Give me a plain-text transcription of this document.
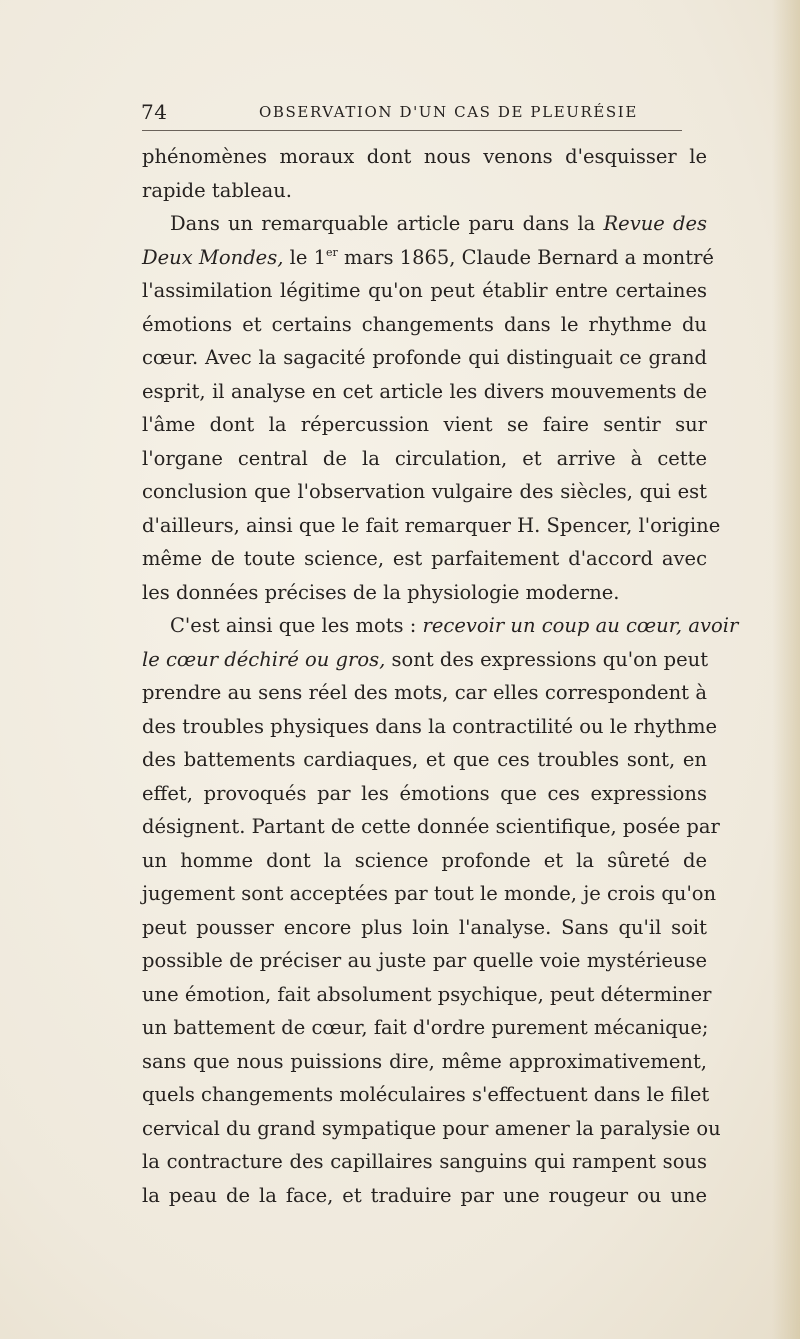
74	OBSERVATION D'UN CAS DE PLEURÉSIE
phénomènes moraux dont nous venons d'esquisser le
rapide tableau.
Dans un remarquable article paru dans la Revue des
Deux Mondes, le 1er mars 1865, Claude Bernard a montré
l'assimilation légitime qu'on peut établir entre certaines
émotions et certains changements dans le rhythme du
cœur. Avec la sagacité profonde qui distinguait ce grand
esprit, il analyse en cet article les divers mouvements de
l'âme dont la répercussion vient se faire sentir sur
l'organe central de la circulation, et arrive à cette
conclusion que l'observation vulgaire des siècles, qui est
d'ailleurs, ainsi que le fait remarquer H. Spencer, l'origine
même de toute science, est parfaitement d'accord avec
les données précises de la physiologie moderne.
C'est ainsi que les mots : recevoir un coup au cœur, avoir
le cœur déchiré ou gros, sont des expressions qu'on peut
prendre au sens réel des mots, car elles correspondent à
des troubles physiques dans la contractilité ou le rhythme
des battements cardiaques, et que ces troubles sont, en
effet, provoqués par les émotions que ces expressions
désignent. Partant de cette donnée scientifique, posée par
un homme dont la science profonde et la sûreté de
jugement sont acceptées par tout le monde, je crois qu'on
peut pousser encore plus loin l'analyse. Sans qu'il soit
possible de préciser au juste par quelle voie mystérieuse
une émotion, fait absolument psychique, peut déterminer
un battement de cœur, fait d'ordre purement mécanique;
sans que nous puissions dire, même approximativement,
quels changements moléculaires s'effectuent dans le filet
cervical du grand sympatique pour amener la paralysie ou
la contracture des capillaires sanguins qui rampent sous
la peau de la face, et traduire par une rougeur ou une
